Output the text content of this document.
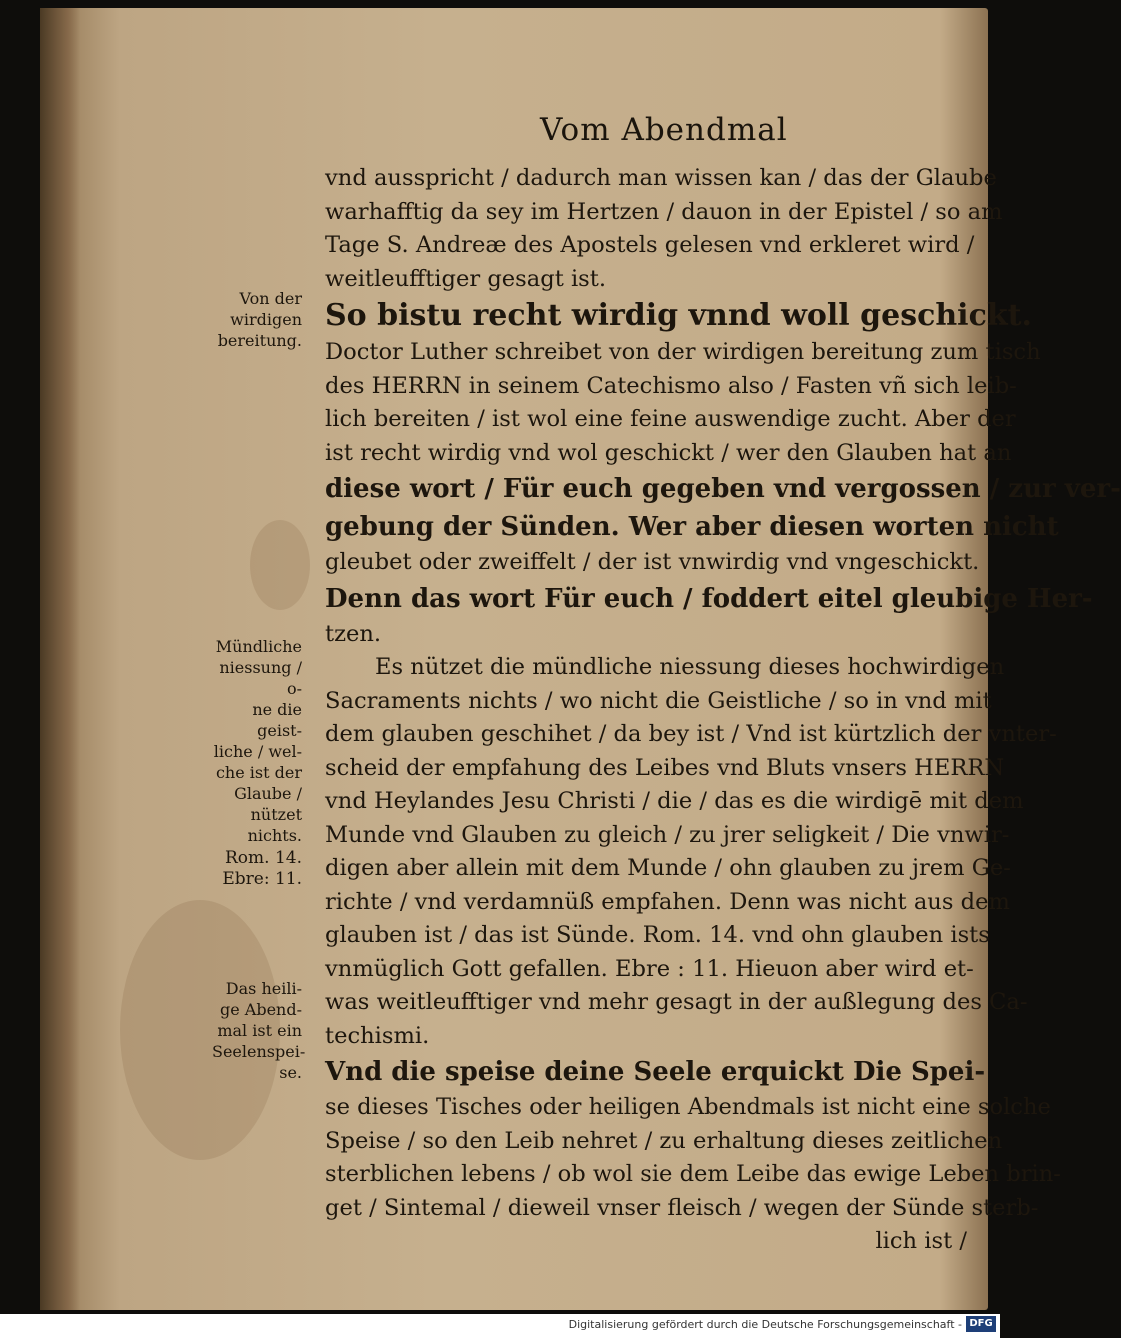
Vom Abendmal
vnd ausspricht / dadurch man wissen kan / das der Glaube
warhafftig da sey im Hertzen / dauon in der Epistel / so am
Tage S. Andreæ des Apostels gelesen vnd erkleret wird /
weitleufftiger gesagt ist.
So bistu recht wirdig vnnd woll geschickt.
Doctor Luther schreibet von der wirdigen bereitung zum tisch
des HERRN in seinem Catechismo also / Fasten vñ sich leib-
lich bereiten / ist wol eine feine auswendige zucht. Aber der
ist recht wirdig vnd wol geschickt / wer den Glauben hat an
diese wort / Für euch gegeben vnd vergossen / zur ver-
gebung der Sünden. Wer aber diesen worten nicht
gleubet oder zweiffelt / der ist vnwirdig vnd vngeschickt.
Denn das wort Für euch / foddert eitel gleubige Her-
tzen.
Es nützet die mündliche niessung dieses hochwirdigen
Sacraments nichts / wo nicht die Geistliche / so in vnd mit
dem glauben geschihet / da bey ist / Vnd ist kürtzlich der vnter-
scheid der empfahung des Leibes vnd Bluts vnsers HERRN
vnd Heylandes Jesu Christi / die / das es die wirdigē mit dem
Munde vnd Glauben zu gleich / zu jrer seligkeit / Die vnwir-
digen aber allein mit dem Munde / ohn glauben zu jrem Ge-
richte / vnd verdamnüß empfahen. Denn was nicht aus dem
glauben ist / das ist Sünde. Rom. 14. vnd ohn glauben ists
vnmüglich Gott gefallen. Ebre : 11. Hieuon aber wird et-
was weitleufftiger vnd mehr gesagt in der außlegung des Ca-
techismi.
Vnd die speise deine Seele erquickt Die Spei-
se dieses Tisches oder heiligen Abendmals ist nicht eine solche
Speise / so den Leib nehret / zu erhaltung dieses zeitlichen
sterblichen lebens / ob wol sie dem Leibe das ewige Leben brin-
get / Sintemal / dieweil vnser fleisch / wegen der Sünde sterb-
lich ist /
Von der
wirdigen
bereitung.
Mündliche
niessung / o-
ne die geist-
liche / wel-
che ist der
Glaube /
nützet
nichts.
Rom. 14.
Ebre: 11.
Das heili-
ge Abend-
mal ist ein
Seelenspei-
se.
Digitalisierung gefördert durch die Deutsche Forschungsgemeinschaft - DFG
